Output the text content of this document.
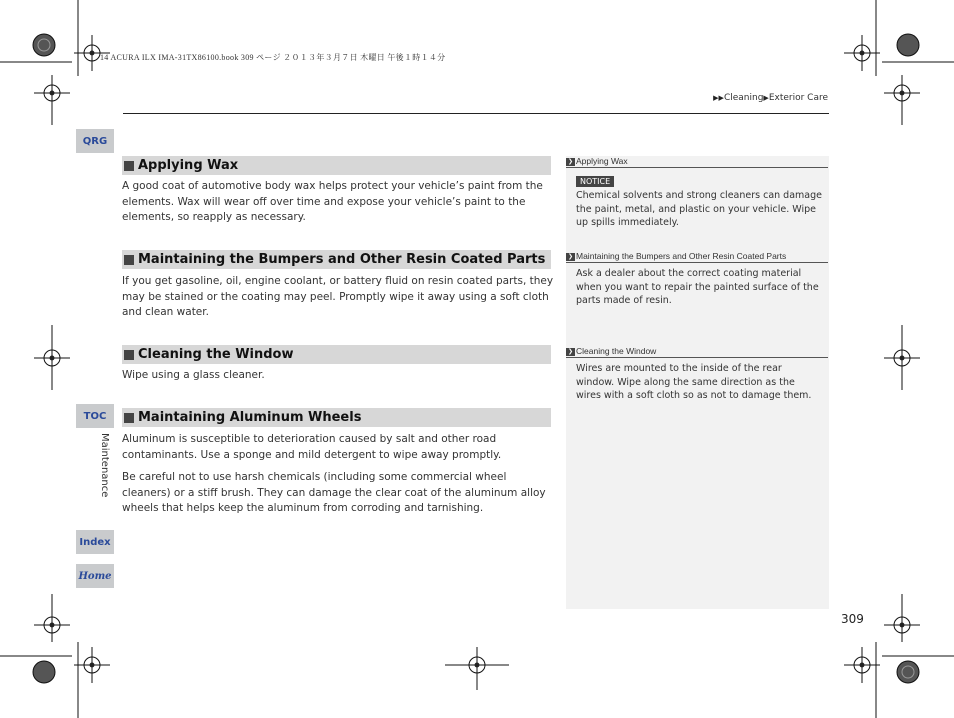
14 ACURA ILX IMA-31TX86100.book 309 ページ ２０１３年３月７日 木曜日 午後１時１４分
▶▶Cleaning▶Exterior Care
QRG
TOC
Maintenance
Index
Home
Applying Wax
A good coat of automotive body wax helps protect your vehicle’s paint from the elements. Wax will wear off over time and expose your vehicle’s paint to the elements, so reapply as necessary.
Maintaining the Bumpers and Other Resin Coated Parts
If you get gasoline, oil, engine coolant, or battery fluid on resin coated parts, they may be stained or the coating may peel. Promptly wipe it away using a soft cloth and clean water.
Cleaning the Window
Wipe using a glass cleaner.
Maintaining Aluminum Wheels
Aluminum is susceptible to deterioration caused by salt and other road contaminants. Use a sponge and mild detergent to wipe away promptly.
Be careful not to use harsh chemicals (including some commercial wheel cleaners) or a stiff brush. They can damage the clear coat of the aluminum alloy wheels that helps keep the aluminum from corroding and tarnishing.
❯ Applying Wax
NOTICE
Chemical solvents and strong cleaners can damage the paint, metal, and plastic on your vehicle. Wipe up spills immediately.
❯ Maintaining the Bumpers and Other Resin Coated Parts
Ask a dealer about the correct coating material when you want to repair the painted surface of the parts made of resin.
❯ Cleaning the Window
Wires are mounted to the inside of the rear window. Wipe along the same direction as the wires with a soft cloth so as not to damage them.
309
